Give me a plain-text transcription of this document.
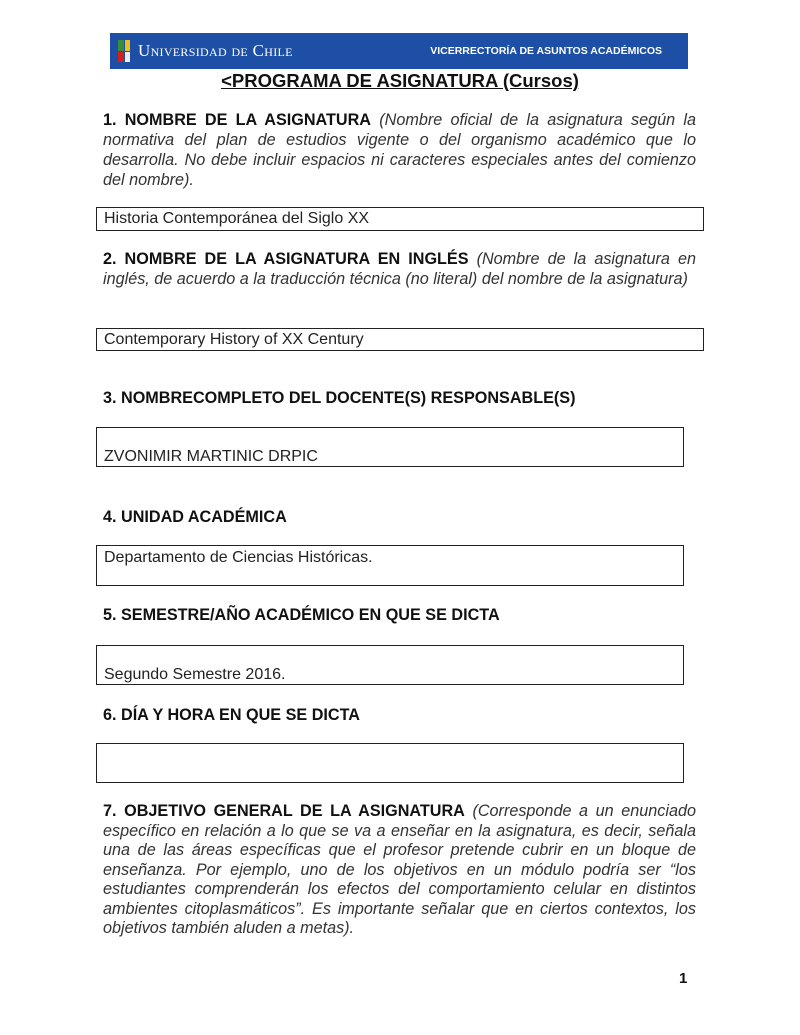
Universidad de Chile	VICERRECTORÍA DE ASUNTOS ACADÉMICOS
<PROGRAMA DE ASIGNATURA (Cursos)
1. NOMBRE DE LA ASIGNATURA (Nombre oficial de la asignatura según la normativa del plan de estudios vigente o del organismo académico que lo desarrolla. No debe incluir espacios ni caracteres especiales antes del comienzo del nombre).
Historia Contemporánea del Siglo XX
2. NOMBRE DE LA ASIGNATURA EN INGLÉS (Nombre de la asignatura en inglés, de acuerdo a la traducción técnica (no literal) del nombre de la asignatura)
Contemporary History of XX Century
3. NOMBRECOMPLETO DEL DOCENTE(S) RESPONSABLE(S)
ZVONIMIR MARTINIC DRPIC
4. UNIDAD ACADÉMICA
Departamento de Ciencias Históricas.
5. SEMESTRE/AÑO ACADÉMICO EN QUE SE DICTA
Segundo Semestre 2016.
6. DÍA Y HORA EN QUE SE DICTA
7. OBJETIVO GENERAL DE LA ASIGNATURA (Corresponde a un enunciado específico en relación a lo que se va a enseñar en la asignatura, es decir, señala una de las áreas específicas que el profesor pretende cubrir en un bloque de enseñanza. Por ejemplo, uno de los objetivos en un módulo podría ser “los estudiantes comprenderán los efectos del comportamiento celular en distintos ambientes citoplasmáticos”. Es importante señalar que en ciertos contextos, los objetivos también aluden a metas).
1
